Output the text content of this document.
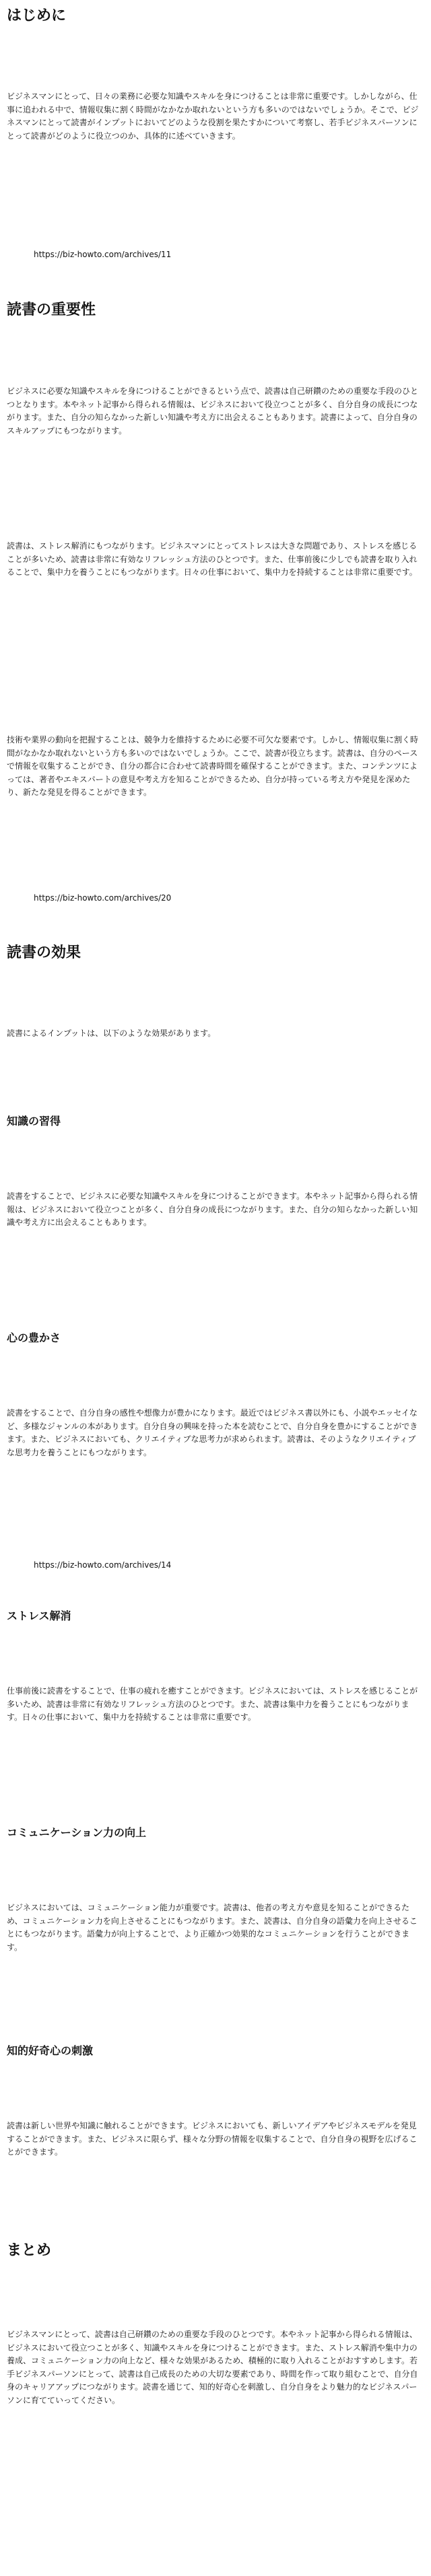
はじめに

ビジネスマンにとって、日々の業務に必要な知識やスキルを身につけることは非常に重要です。しかしながら、仕事に追われる中で、情報収集に割く時間がなかなか取れないという方も多いのではないでしょうか。そこで、ビジネスマンにとって読書がインプットにおいてどのような役割を果たすかについて考察し、若手ビジネスパーソンにとって読書がどのように役立つのか、具体的に述べていきます。

https://biz-howto.com/archives/11
読書の重要性

ビジネスに必要な知識やスキルを身につけることができるという点で、読書は自己研鑽のための重要な手段のひとつとなります。本やネット記事から得られる情報は、ビジネスにおいて役立つことが多く、自分自身の成長につながります。また、自分の知らなかった新しい知識や考え方に出会えることもあります。読書によって、自分自身のスキルアップにもつながります。

読書は、ストレス解消にもつながります。ビジネスマンにとってストレスは大きな問題であり、ストレスを感じることが多いため、読書は非常に有効なリフレッシュ方法のひとつです。また、仕事前後に少しでも読書を取り入れることで、集中力を養うことにもつながります。日々の仕事において、集中力を持続することは非常に重要です。

技術や業界の動向を把握することは、競争力を維持するために必要不可欠な要素です。しかし、情報収集に割く時間がなかなか取れないという方も多いのではないでしょうか。ここで、読書が役立ちます。読書は、自分のペースで情報を収集することができ、自分の都合に合わせて読書時間を確保することができます。また、コンテンツによっては、著者やエキスパートの意見や考え方を知ることができるため、自分が持っている考え方や発見を深めたり、新たな発見を得ることができます。

https://biz-howto.com/archives/20
読書の効果

読書によるインプットは、以下のような効果があります。

知識の習得

読書をすることで、ビジネスに必要な知識やスキルを身につけることができます。本やネット記事から得られる情報は、ビジネスにおいて役立つことが多く、自分自身の成長につながります。また、自分の知らなかった新しい知識や考え方に出会えることもあります。

心の豊かさ

読書をすることで、自分自身の感性や想像力が豊かになります。最近ではビジネス書以外にも、小説やエッセイなど、多様なジャンルの本があります。自分自身の興味を持った本を読むことで、自分自身を豊かにすることができます。また、ビジネスにおいても、クリエイティブな思考力が求められます。読書は、そのようなクリエイティブな思考力を養うことにもつながります。

https://biz-howto.com/archives/14
ストレス解消

仕事前後に読書をすることで、仕事の疲れを癒すことができます。ビジネスにおいては、ストレスを感じることが多いため、読書は非常に有効なリフレッシュ方法のひとつです。また、読書は集中力を養うことにもつながります。日々の仕事において、集中力を持続することは非常に重要です。

コミュニケーション力の向上

ビジネスにおいては、コミュニケーション能力が重要です。読書は、他者の考え方や意見を知ることができるため、コミュニケーション力を向上させることにもつながります。また、読書は、自分自身の語彙力を向上させることにもつながります。語彙力が向上することで、より正確かつ効果的なコミュニケーションを行うことができます。

知的好奇心の刺激

読書は新しい世界や知識に触れることができます。ビジネスにおいても、新しいアイデアやビジネスモデルを発見することができます。また、ビジネスに限らず、様々な分野の情報を収集することで、自分自身の視野を広げることができます。

まとめ

ビジネスマンにとって、読書は自己研鑽のための重要な手段のひとつです。本やネット記事から得られる情報は、ビジネスにおいて役立つことが多く、知識やスキルを身につけることができます。また、ストレス解消や集中力の養成、コミュニケーション力の向上など、様々な効果があるため、積極的に取り入れることがおすすめします。若手ビジネスパーソンにとって、読書は自己成長のための大切な要素であり、時間を作って取り組むことで、自分自身のキャリアアップにつながります。読書を通じて、知的好奇心を刺激し、自分自身をより魅力的なビジネスパーソンに育てていってください。
